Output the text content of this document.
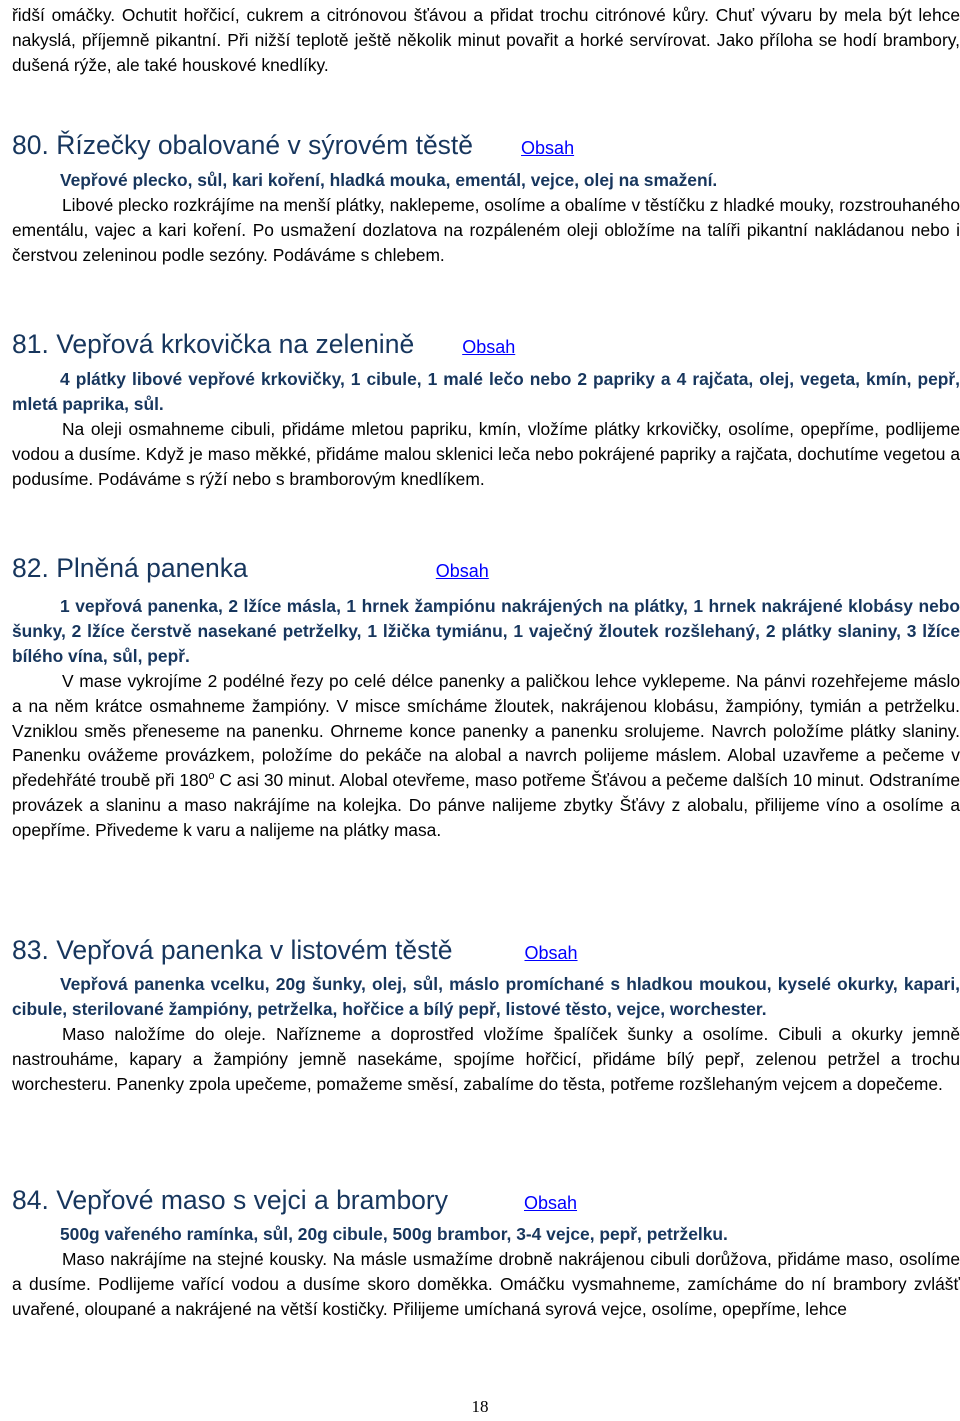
řidší omáčky. Ochutit hořčicí, cukrem a citrónovou šťávou a přidat trochu citrónové kůry. Chuť vývaru by mela být lehce nakyslá, příjemně pikantní. Při nižší teplotě ještě několik minut povařit a horké servírovat. Jako příloha se hodí brambory, dušená rýže, ale také houskové knedlíky.

80. Řízečky obalované v sýrovém těstě	Obsah

Vepřové plecko, sůl, kari koření, hladká mouka, ementál, vejce, olej na smažení.

Libové plecko rozkrájíme na menší plátky, naklepeme, osolíme a obalíme v těstíčku z hladké mouky, rozstrouhaného ementálu, vajec a kari koření. Po usmažení dozlatova na rozpáleném oleji obložíme na talíři pikantní nakládanou nebo i čerstvou zeleninou podle sezóny. Podáváme s chlebem.

81. Vepřová krkovička na zelenině	Obsah

4 plátky libové vepřové krkovičky, 1 cibule, 1 malé lečo nebo 2 papriky a 4 rajčata, olej, vegeta, kmín, pepř, mletá paprika, sůl.

Na oleji osmahneme cibuli, přidáme mletou papriku, kmín, vložíme plátky krkovičky, osolíme, opepříme, podlijeme vodou a dusíme. Když je maso měkké, přidáme malou sklenici leča nebo pokrájené papriky a rajčata, dochutíme vegetou a podusíme. Podáváme s rýží nebo s bramborovým knedlíkem.

82. Plněná panenka	Obsah

1 vepřová panenka, 2 lžíce másla, 1 hrnek žampiónu nakrájených na plátky, 1 hrnek nakrájené klobásy nebo šunky, 2 lžíce čerstvě nasekané petrželky, 1 lžička tymiánu, 1 vaječný žloutek rozšlehaný, 2 plátky slaniny, 3 lžíce bílého vína, sůl, pepř.

V mase vykrojíme 2 podélné řezy po celé délce panenky a paličkou lehce vyklepeme. Na pánvi rozehřejeme máslo a na něm krátce osmahneme žampióny. V misce smícháme žloutek, nakrájenou klobásu, žampióny, tymián a petrželku. Vzniklou směs přeneseme na panenku. Ohrneme konce panenky a panenku srolujeme. Navrch položíme plátky slaniny. Panenku ovážeme provázkem, položíme do pekáče na alobal a navrch polijeme máslem. Alobal uzavřeme a pečeme v předehřáté troubě při 180$^o$ C asi 30 minut. Alobal otevřeme, maso potřeme Šťávou a pečeme dalších 10 minut. Odstraníme provázek a slaninu a maso nakrájíme na kolejka. Do pánve nalijeme zbytky Šťávy z alobalu, přilijeme víno a osolíme a opepříme. Přivedeme k varu a nalijeme na plátky masa.

83. Vepřová panenka v listovém těstě	Obsah

Vepřová panenka vcelku, 20g šunky, olej, sůl, máslo promíchané s hladkou moukou, kyselé okurky, kapari, cibule, sterilované žampióny, petrželka, hořčice a bílý pepř, listové těsto, vejce, worchester.

Maso naložíme do oleje. Nařízneme a doprostřed vložíme špalíček šunky a osolíme. Cibuli a okurky jemně nastrouháme, kapary a žampióny jemně nasekáme, spojíme hořčicí, přidáme bílý pepř, zelenou petržel a trochu worchesteru. Panenky zpola upečeme, pomažeme směsí, zabalíme do těsta, potřeme rozšlehaným vejcem a dopečeme.

84. Vepřové maso s vejci a brambory	Obsah

500g vařeného ramínka, sůl, 20g cibule, 500g brambor, 3-4 vejce, pepř, petrželku.

Maso nakrájíme na stejné kousky. Na másle usmažíme drobně nakrájenou cibuli dorůžova, přidáme maso, osolíme a dusíme. Podlijeme vařící vodou a dusíme skoro doměkka. Omáčku vysmahneme, zamícháme do ní brambory zvlášť uvařené, oloupané a nakrájené na větší kostičky. Přilijeme umíchaná syrová vejce, osolíme, opepříme, lehce

18
